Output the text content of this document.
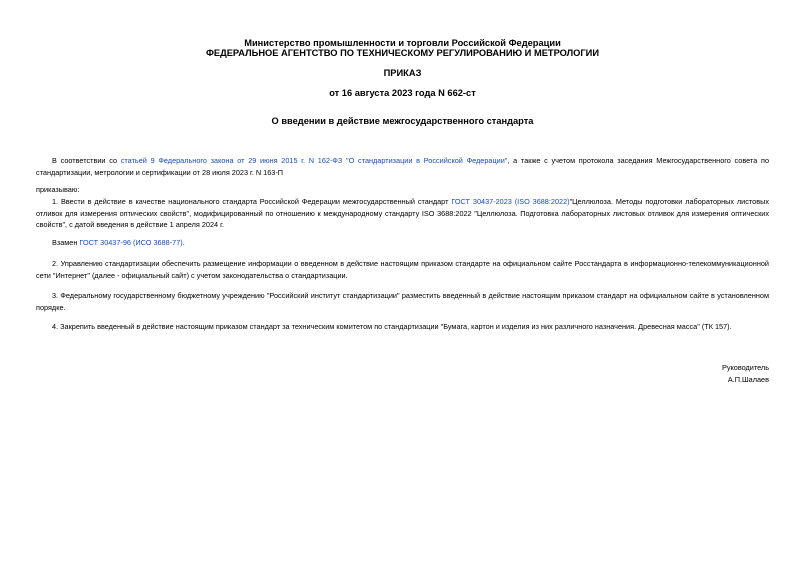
Министерство промышленности и торговли Российской Федерации
ФЕДЕРАЛЬНОЕ АГЕНТСТВО ПО ТЕХНИЧЕСКОМУ РЕГУЛИРОВАНИЮ И МЕТРОЛОГИИ
ПРИКАЗ
от 16 августа 2023 года N 662-ст
О введении в действие межгосударственного стандарта
В соответствии со статьей 9 Федерального закона от 29 июня 2015 г. N 162-ФЗ "О стандартизации в Российской Федерации", а также с учетом протокола заседания Межгосударственного совета по стандартизации, метрологии и сертификации от 28 июля 2023 г. N 163-П
приказываю:
1. Ввести в действие в качестве национального стандарта Российской Федерации межгосударственный стандарт ГОСТ 30437-2023 (ISO 3688:2022)"Целлюлоза. Методы подготовки лабораторных листовых отливок для измерения оптических свойств", модифицированный по отношению к международному стандарту ISO 3688:2022 "Целлюлоза. Подготовка лабораторных листовых отливок для измерения оптических свойств", с датой введения в действие 1 апреля 2024 г.
Взамен ГОСТ 30437-96 (ИСО 3688-77).
2. Управлению стандартизации обеспечить размещение информации о введенном в действие настоящим приказом стандарте на официальном сайте Росстандарта в информационно-телекоммуникационной сети "Интернет" (далее - официальный сайт) с учетом законодательства о стандартизации.
3. Федеральному государственному бюджетному учреждению "Российский институт стандартизации" разместить введенный в действие настоящим приказом стандарт на официальном сайте в установленном порядке.
4. Закрепить введенный в действие настоящим приказом стандарт за техническим комитетом по стандартизации "Бумага, картон и изделия из них различного назначения. Древесная масса" (ТК 157).
Руководитель
А.П.Шалаев
